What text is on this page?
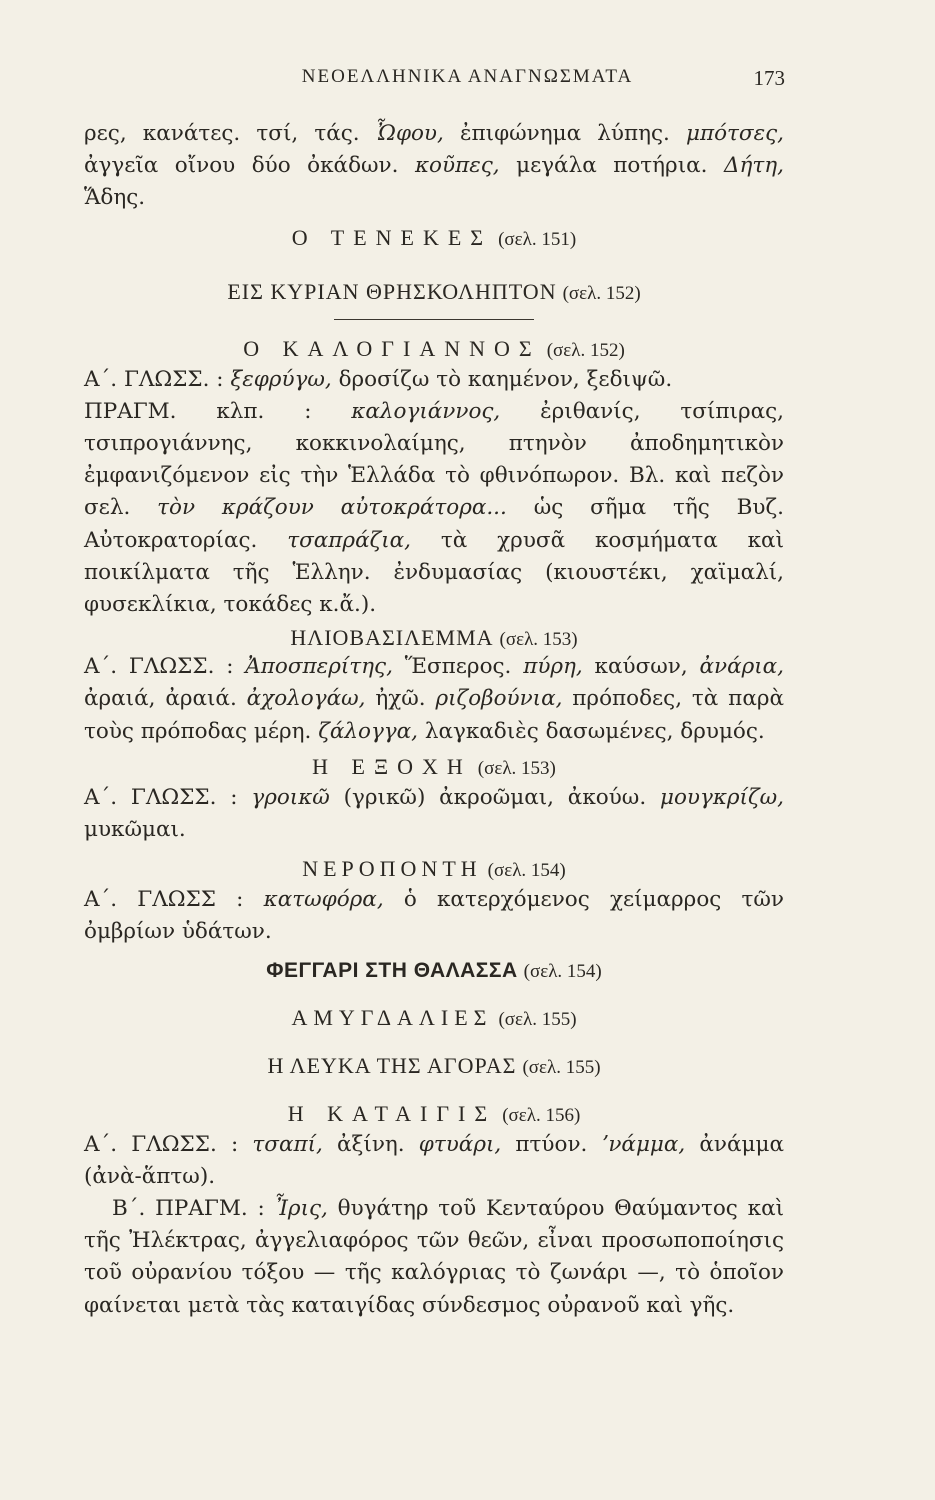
ΝΕΟΕΛΛΗΝΙΚΑ ΑΝΑΓΝΩΣΜΑΤΑ	173

ρες, κανάτες. τσί, τάς. Ὦφου, ἐπιφώνημα λύπης. μπότσες, ἀγγεῖα οἴνου δύο ὀκάδων. κοῦπες, μεγάλα ποτήρια. Δήτη, Ἅδης.

Ο ΤΕΝΕΚΕΣ (σελ. 151)
ΕΙΣ ΚΥΡΙΑΝ ΘΡΗΣΚΟΛΗΠΤΟΝ (σελ. 152)
Ο ΚΑΛΟΓΙΑΝΝΟΣ (σελ. 152)

Α΄. ΓΛΩΣΣ. : ξεφρύγω, δροσίζω τὸ καημένον, ξεδιψῶ.

ΠΡΑΓΜ. κλπ. : καλογιάννος, ἐριθανίς, τσίπιρας, τσιπρογιάννης, κοκκινολαίμης, πτηνὸν ἀποδημητικὸν ἐμφανιζόμενον εἰς τὴν Ἑλλάδα τὸ φθινόπωρον. Βλ. καὶ πεζὸν σελ. τὸν κράζουν αὐτοκράτορα... ὡς σῆμα τῆς Βυζ. Αὐτοκρατορίας. τσαπράζια, τὰ χρυσᾶ κοσμήματα καὶ ποικίλματα τῆς Ἑλλην. ἐνδυμασίας (κιουστέκι, χαϊμαλί, φυσεκλίκια, τοκάδες κ.ἄ.).

ΗΛΙΟΒΑΣΙΛΕΜΜΑ (σελ. 153)

Α΄. ΓΛΩΣΣ. : Ἀποσπερίτης, Ἕσπερος. πύρη, καύσων, ἀνάρια, ἀραιά, ἀραιά. ἀχολογάω, ἠχῶ. ριζοβούνια, πρόποδες, τὰ παρὰ τοὺς πρόποδας μέρη. ζάλογγα, λαγκαδιὲς δασωμένες, δρυμός.

Η ΕΞΟΧΗ (σελ. 153)

Α΄. ΓΛΩΣΣ. : γροικῶ (γρικῶ) ἀκροῶμαι, ἀκούω. μουγκρίζω, μυκῶμαι.

ΝΕΡΟΠΟΝΤΗ (σελ. 154)

Α΄. ΓΛΩΣΣ : κατωφόρα, ὁ κατερχόμενος χείμαρρος τῶν ὀμβρίων ὑδάτων.

ΦΕΓΓΑΡΙ ΣΤΗ ΘΑΛΑΣΣΑ (σελ. 154)
ΑΜΥΓΔΑΛΙΕΣ (σελ. 155)
Η ΛΕΥΚΑ ΤΗΣ ΑΓΟΡΑΣ (σελ. 155)
Η ΚΑΤΑΙΓΙΣ (σελ. 156)

Α΄. ΓΛΩΣΣ. : τσαπί, ἀξίνη. φτυάρι, πτύον. ʼνάμμα, ἀνάμμα (ἀνὰ-ἅπτω).

Β΄. ΠΡΑΓΜ. : Ἶρις, θυγάτηρ τοῦ Κενταύρου Θαύμαντος καὶ τῆς Ἠλέκτρας, ἀγγελιαφόρος τῶν θεῶν, εἶναι προσωποποίησις τοῦ οὐρανίου τόξου — τῆς καλόγριας τὸ ζωνάρι —, τὸ ὁποῖον φαίνεται μετὰ τὰς καταιγίδας σύνδεσμος οὐρανοῦ καὶ γῆς.
